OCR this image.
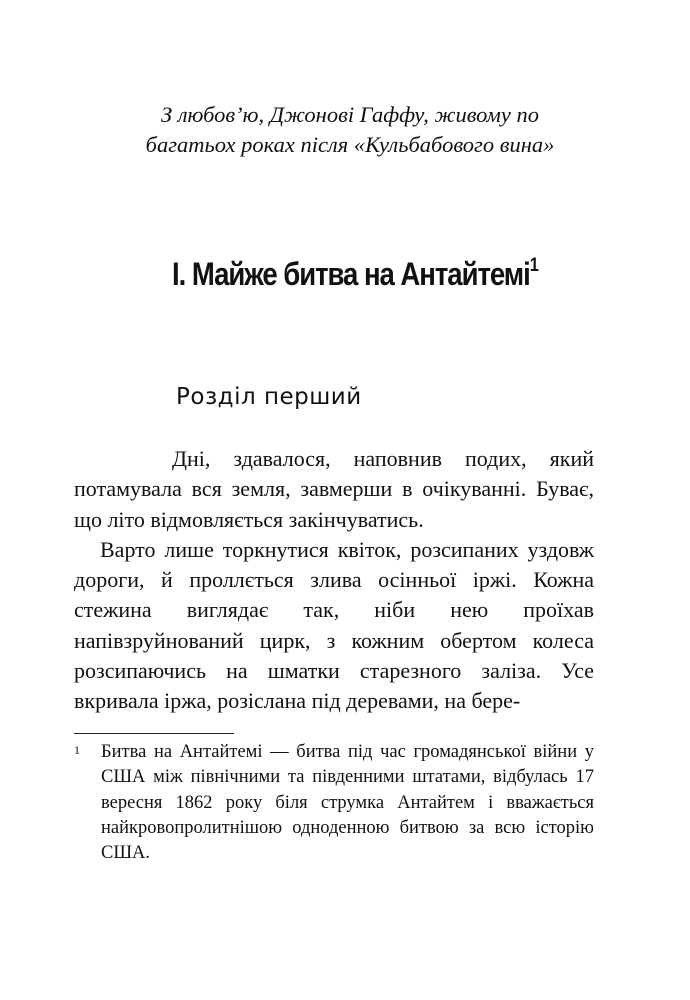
З любов’ю, Джонові Гаффу, живому по
багатьох роках після «Кульбабового вина»
І. Майже битва на Антайтемі$^1$
Розділ перший

Дні, здавалося, наповнив подих, який потамувала вся земля, завмерши в очікуванні. Буває, що літо відмовляється закінчуватись.

Варто лише торкнутися квіток, розсипаних уздовж дороги, й проллється злива осінньої іржі. Кожна стежина виглядає так, ніби нею проїхав напівзруйнований цирк, з кожним обертом колеса розсипаючись на шматки старезного заліза. Усе вкривала іржа, розіслана під деревами, на бере-

1 Битва на Антайтемі — битва під час громадянської війни у США між північними та південними штатами, відбулась 17 вересня 1862 року біля струмка Антайтем і вважається найкровопролитнішою одноденною битвою за всю історію США.
